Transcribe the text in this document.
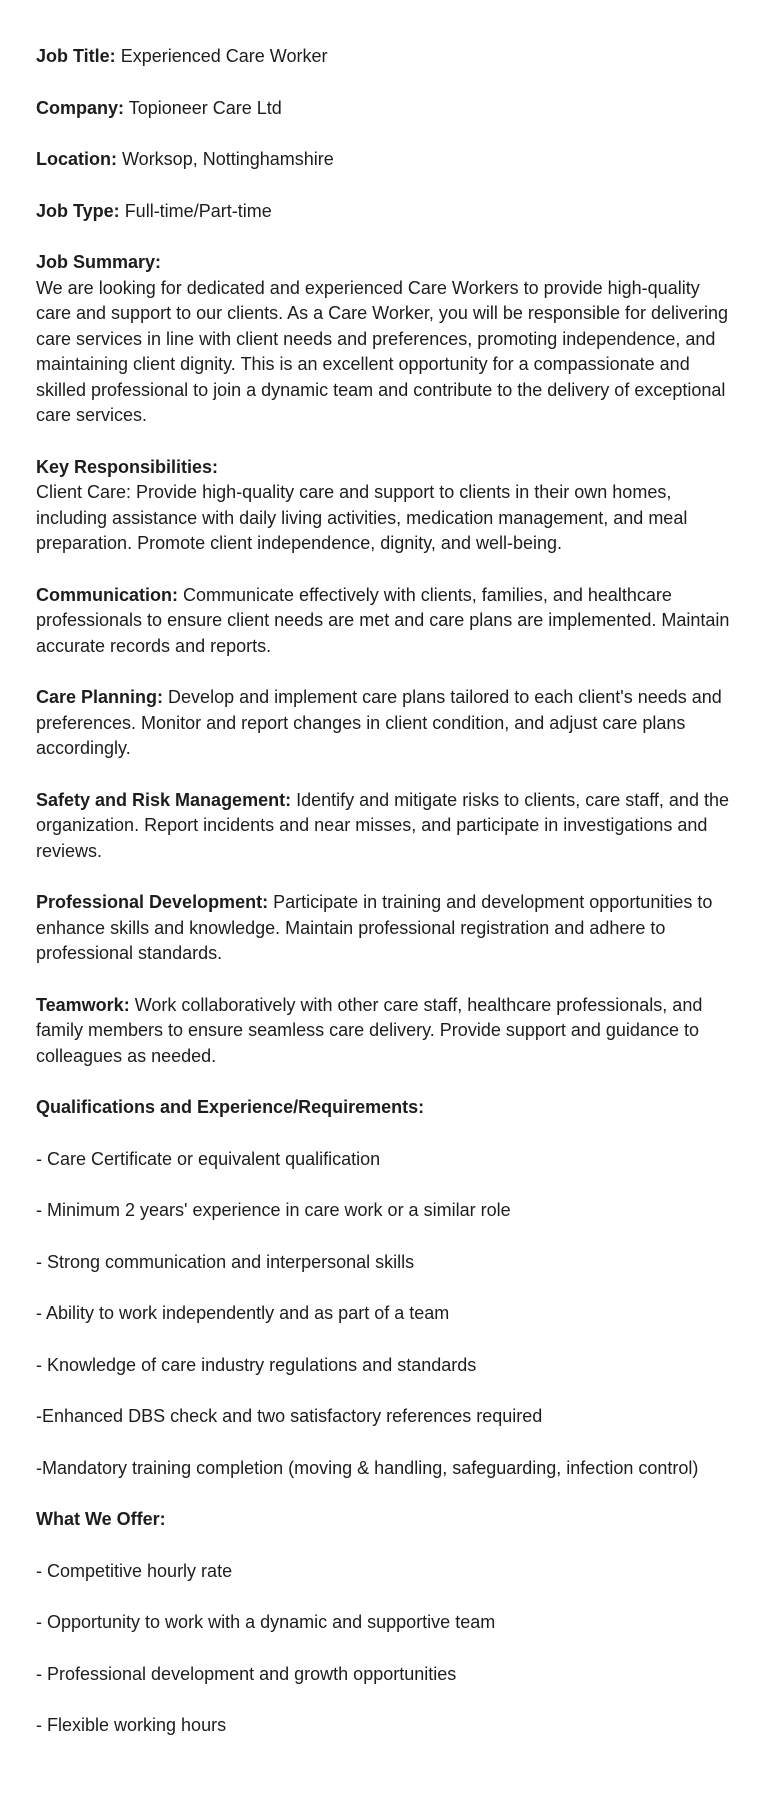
Job Title: Experienced Care Worker

Company: Topioneer Care Ltd

Location: Worksop, Nottinghamshire

Job Type: Full-time/Part-time

Job Summary:
We are looking for dedicated and experienced Care Workers to provide high-quality care and support to our clients. As a Care Worker, you will be responsible for delivering care services in line with client needs and preferences, promoting independence, and maintaining client dignity. This is an excellent opportunity for a compassionate and skilled professional to join a dynamic team and contribute to the delivery of exceptional care services.

Key Responsibilities:
Client Care: Provide high-quality care and support to clients in their own homes, including assistance with daily living activities, medication management, and meal preparation. Promote client independence, dignity, and well-being.

Communication: Communicate effectively with clients, families, and healthcare professionals to ensure client needs are met and care plans are implemented. Maintain accurate records and reports.

Care Planning: Develop and implement care plans tailored to each client's needs and preferences. Monitor and report changes in client condition, and adjust care plans accordingly.

Safety and Risk Management: Identify and mitigate risks to clients, care staff, and the organization. Report incidents and near misses, and participate in investigations and reviews.

Professional Development: Participate in training and development opportunities to enhance skills and knowledge. Maintain professional registration and adhere to professional standards.

Teamwork: Work collaboratively with other care staff, healthcare professionals, and family members to ensure seamless care delivery. Provide support and guidance to colleagues as needed.

Qualifications and Experience/Requirements:

- Care Certificate or equivalent qualification

- Minimum 2 years' experience in care work or a similar role

- Strong communication and interpersonal skills

- Ability to work independently and as part of a team

- Knowledge of care industry regulations and standards

-Enhanced DBS check and two satisfactory references required

-Mandatory training completion (moving & handling, safeguarding, infection control)

What We Offer:

- Competitive hourly rate

- Opportunity to work with a dynamic and supportive team

- Professional development and growth opportunities

- Flexible working hours
